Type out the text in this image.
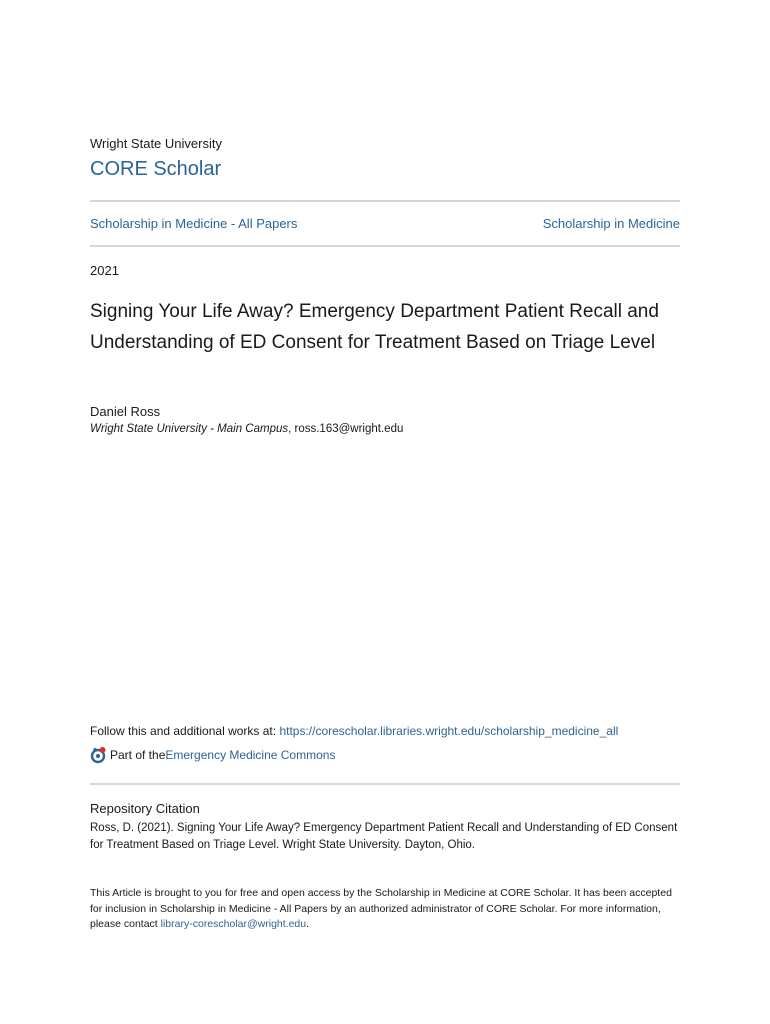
Wright State University
CORE Scholar
Scholarship in Medicine - All Papers	Scholarship in Medicine
2021
Signing Your Life Away? Emergency Department Patient Recall and Understanding of ED Consent for Treatment Based on Triage Level
Daniel Ross
Wright State University - Main Campus, ross.163@wright.edu
Follow this and additional works at: https://corescholar.libraries.wright.edu/scholarship_medicine_all
Part of the Emergency Medicine Commons
Repository Citation
Ross, D. (2021). Signing Your Life Away? Emergency Department Patient Recall and Understanding of ED Consent for Treatment Based on Triage Level. Wright State University. Dayton, Ohio.
This Article is brought to you for free and open access by the Scholarship in Medicine at CORE Scholar. It has been accepted for inclusion in Scholarship in Medicine - All Papers by an authorized administrator of CORE Scholar. For more information, please contact library-corescholar@wright.edu.
